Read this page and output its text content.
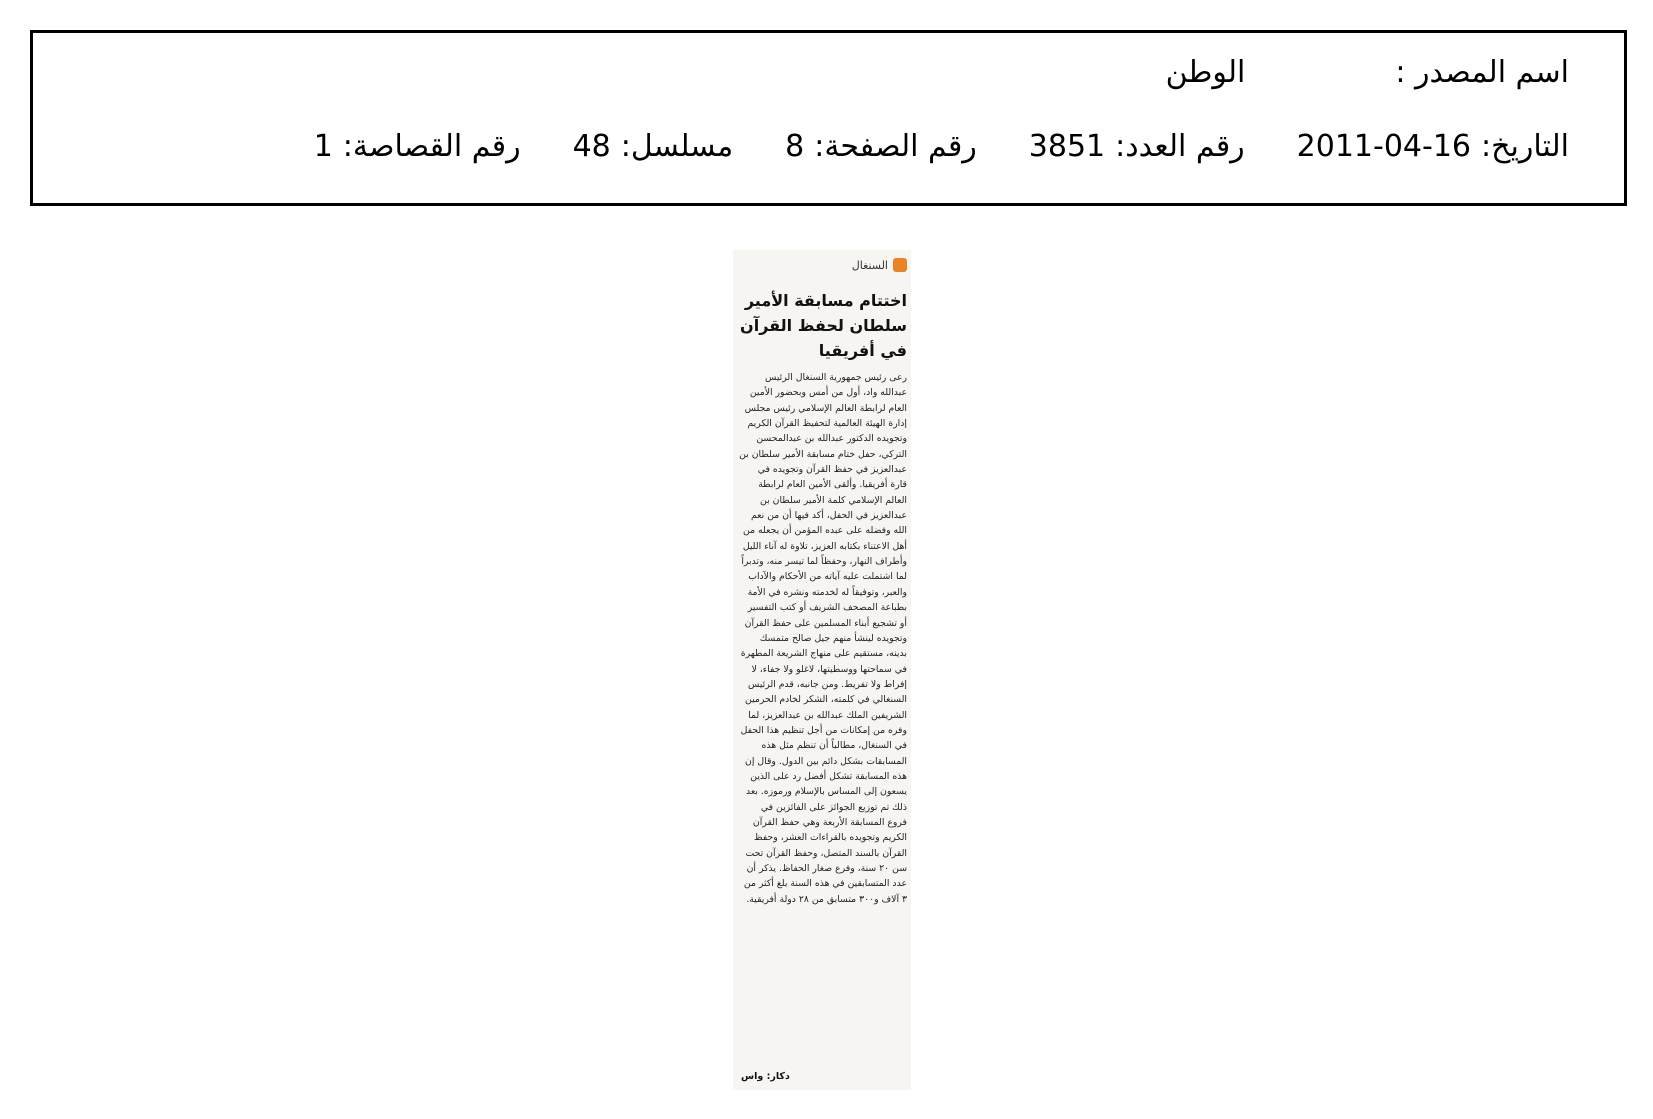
اسم المصدر :
الوطن
التاريخ:
2011-04-16
رقم العدد:
3851
رقم الصفحة:
8
مسلسل:
48
رقم القصاصة:
1
السنغال
اختتام مسابقة الأمير سلطان لحفظ القرآن في أفريقيا
رعى رئيس جمهورية السنغال الرئيس عبدالله واد، أول من أمس وبحضور الأمين العام لرابطة العالم الإسلامي رئيس مجلس إدارة الهيئة العالمية لتحفيظ القرآن الكريم وتجويده الدكتور عبدالله بن عبدالمحسن التركي، حفل ختام مسابقة الأمير سلطان بن عبدالعزيز في حفظ القرآن وتجويده في قارة أفريقيا. وألقى الأمين العام لرابطة العالم الإسلامي كلمة الأمير سلطان بن عبدالعزيز في الحفل، أكد فيها أن من نعم الله وفضله على عبده المؤمن أن يجعله من أهل الاعتناء بكتابه العزيز، تلاوة له آناء الليل وأطراف النهار، وحفظاً لما تيسر منه، وتدبراً لما اشتملت عليه آياته من الأحكام والآداب والعبر، وتوفيقاً له لخدمته ونشره في الأمة بطباعة المصحف الشريف أو كتب التفسير أو تشجيع أبناء المسلمين على حفظ القرآن وتجويده لينشأ منهم جيل صالح متمسك بدينه، مستقيم على منهاج الشريعة المطهرة في سماحتها ووسطيتها، لاغلو ولا جفاء، لا إفراط ولا تفريط. ومن جانبه، قدم الرئيس السنغالي في كلمته، الشكر لخادم الحرمين الشريفين الملك عبدالله بن عبدالعزيز، لما وفره من إمكانات من أجل تنظيم هذا الحفل في السنغال، مطالباً أن تنظم مثل هذه المسابقات بشكل دائم بين الدول. وقال إن هذه المسابقة تشكل أفضل رد على الذين يسعون إلى المساس بالإسلام ورموزه. بعد ذلك تم توزيع الجوائز على الفائزين في فروع المسابقة الأربعة وهي حفظ القرآن الكريم وتجويده بالقراءات العشر، وحفظ القرآن بالسند المتصل، وحفظ القرآن تحت سن ٢٠ سنة، وفرع صغار الحفاظ. يذكر أن عدد المتسابقين في هذه السنة بلغ أكثر من ٣ آلاف و٣٠٠ متسابق من ٢٨ دولة أفريقية.
دكار: واس
